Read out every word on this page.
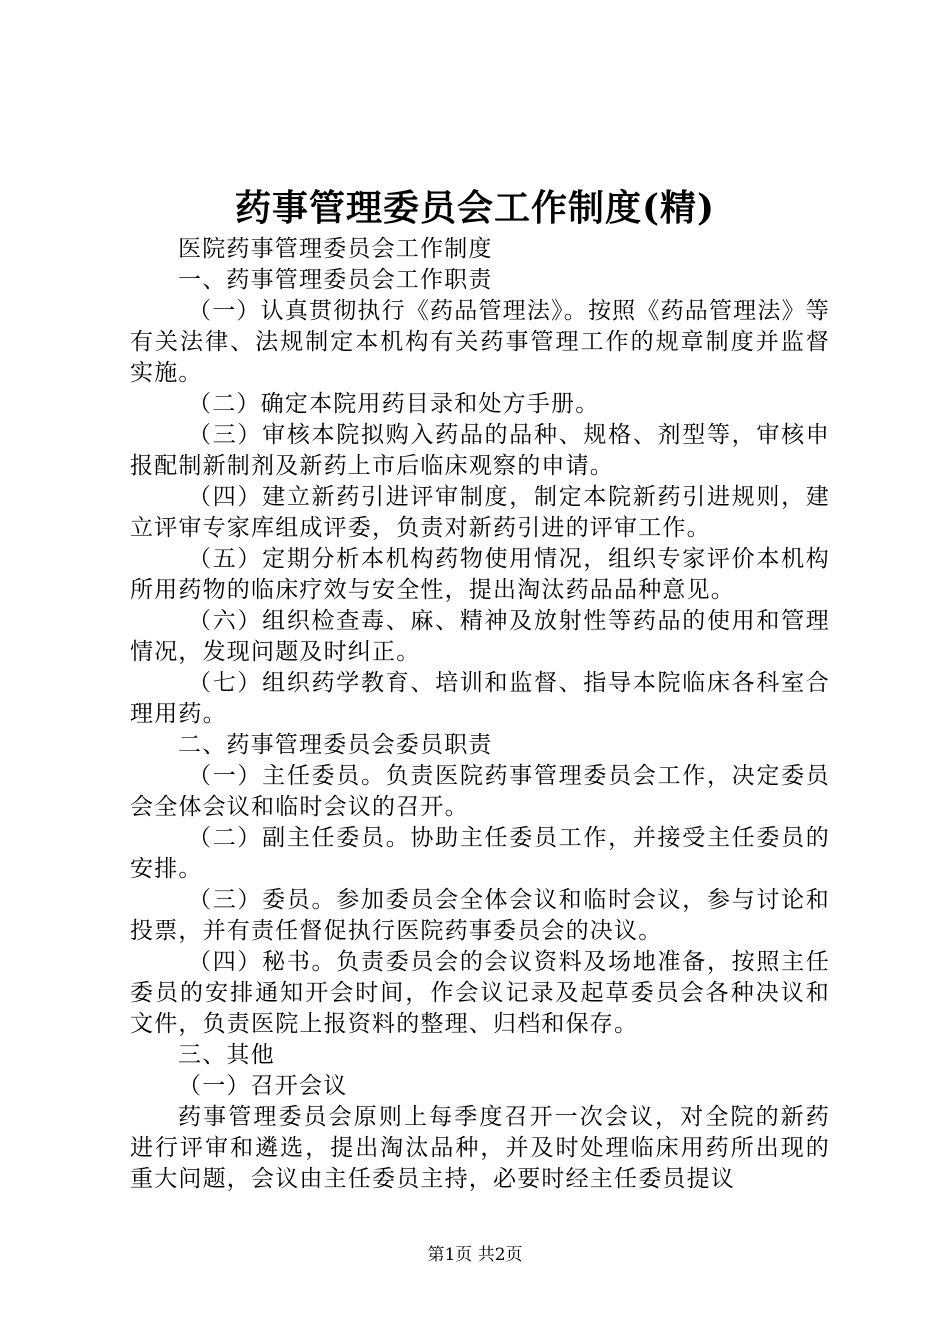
药事管理委员会工作制度(精)

医院药事管理委员会工作制度

一、药事管理委员会工作职责

（一）认真贯彻执行《药品管理法》。按照《药品管理法》等有关法律、法规制定本机构有关药事管理工作的规章制度并监督实施。

（二）确定本院用药目录和处方手册。

（三）审核本院拟购入药品的品种、规格、剂型等，审核申报配制新制剂及新药上市后临床观察的申请。

（四）建立新药引进评审制度，制定本院新药引进规则，建立评审专家库组成评委，负责对新药引进的评审工作。

（五）定期分析本机构药物使用情况，组织专家评价本机构所用药物的临床疗效与安全性，提出淘汰药品品种意见。

（六）组织检查毒、麻、精神及放射性等药品的使用和管理情况，发现问题及时纠正。

（七）组织药学教育、培训和监督、指导本院临床各科室合理用药。

二、药事管理委员会委员职责

（一）主任委员。负责医院药事管理委员会工作，决定委员会全体会议和临时会议的召开。

（二）副主任委员。协助主任委员工作，并接受主任委员的安排。

（三）委员。参加委员会全体会议和临时会议，参与讨论和投票，并有责任督促执行医院药事委员会的决议。

（四）秘书。负责委员会的会议资料及场地准备，按照主任委员的安排通知开会时间，作会议记录及起草委员会各种决议和文件，负责医院上报资料的整理、归档和保存。

三、其他

（一）召开会议

药事管理委员会原则上每季度召开一次会议，对全院的新药进行评审和遴选，提出淘汰品种，并及时处理临床用药所出现的重大问题，会议由主任委员主持，必要时经主任委员提议

第1页 共2页
